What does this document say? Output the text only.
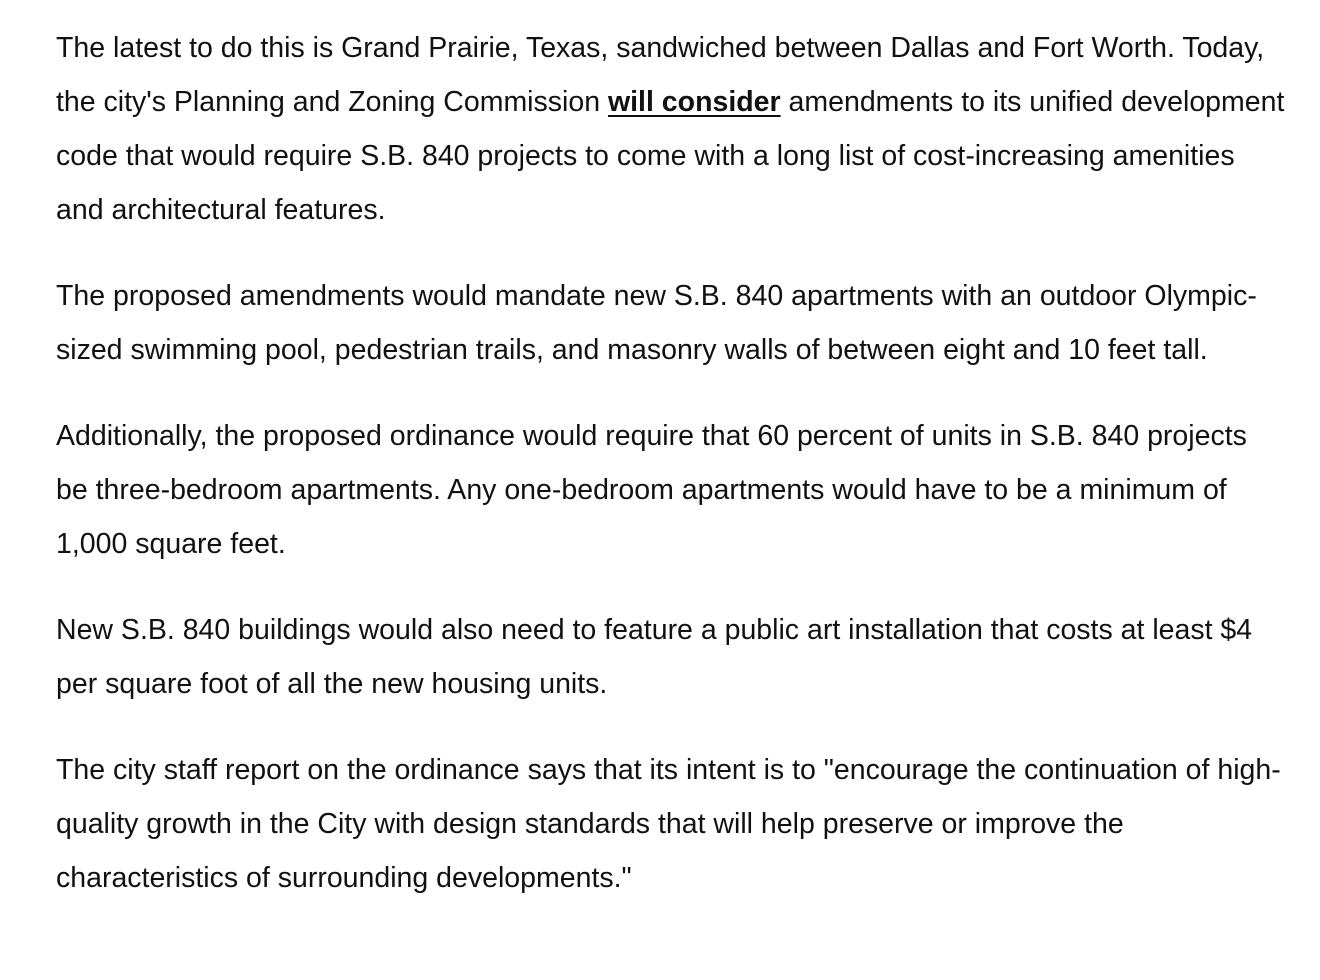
The latest to do this is Grand Prairie, Texas, sandwiched between Dallas and Fort Worth. Today, the city's Planning and Zoning Commission will consider amendments to its unified development code that would require S.B. 840 projects to come with a long list of cost-increasing amenities and architectural features.

The proposed amendments would mandate new S.B. 840 apartments with an outdoor Olympic-sized swimming pool, pedestrian trails, and masonry walls of between eight and 10 feet tall.

Additionally, the proposed ordinance would require that 60 percent of units in S.B. 840 projects be three-bedroom apartments. Any one-bedroom apartments would have to be a minimum of 1,000 square feet.

New S.B. 840 buildings would also need to feature a public art installation that costs at least $4 per square foot of all the new housing units.

The city staff report on the ordinance says that its intent is to "encourage the continuation of high-quality growth in the City with design standards that will help preserve or improve the characteristics of surrounding developments."
